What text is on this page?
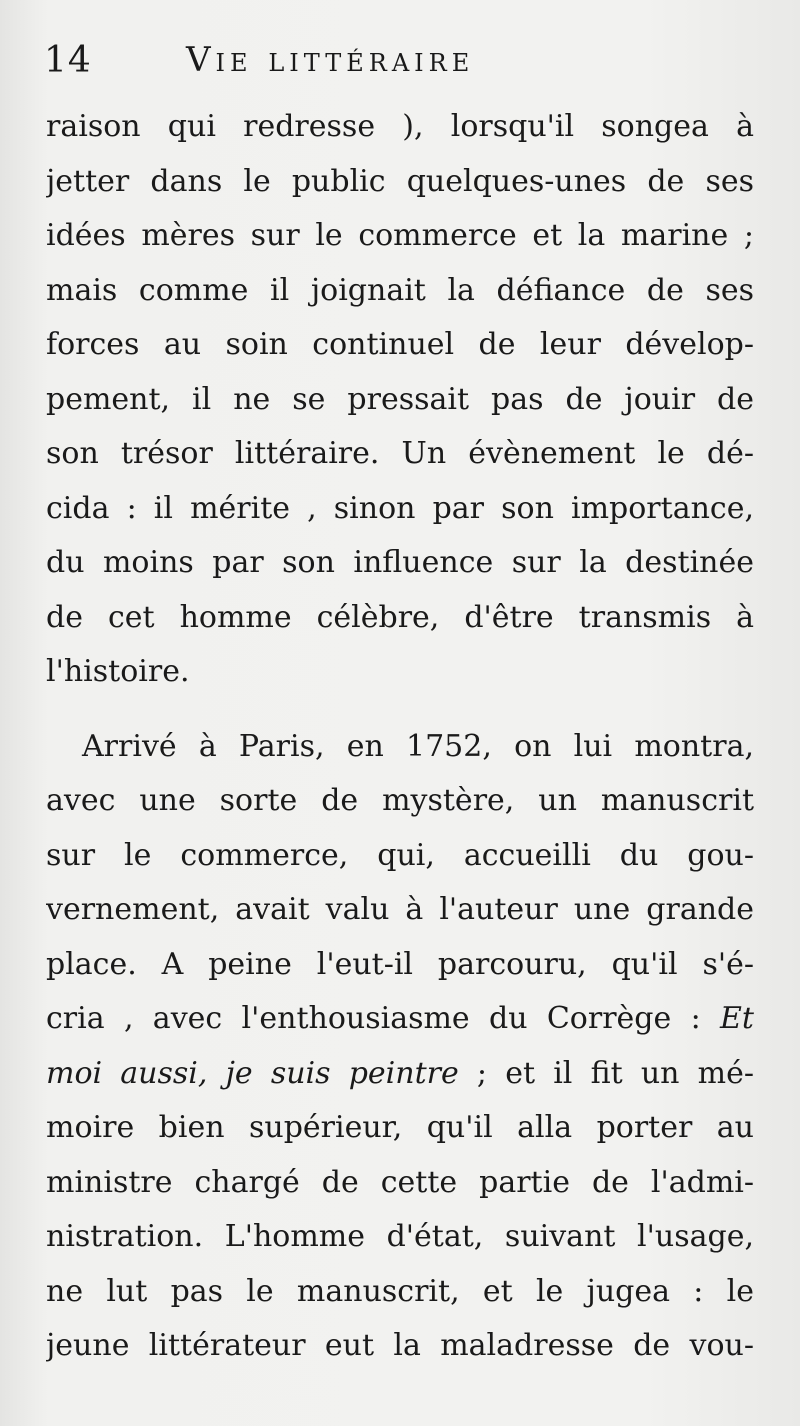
14	Vie littéraire
raison qui redresse ), lorsqu'il songea à
jetter dans le public quelques-unes de ses
idées mères sur le commerce et la marine ;
mais comme il joignait la défiance de ses
forces au soin continuel de leur dévelop-
pement, il ne se pressait pas de jouir de
son trésor littéraire. Un évènement le dé-
cida : il mérite , sinon par son importance,
du moins par son influence sur la destinée
de cet homme célèbre, d'être transmis à
l'histoire.
Arrivé à Paris, en 1752, on lui montra,
avec une sorte de mystère, un manuscrit
sur le commerce, qui, accueilli du gou-
vernement, avait valu à l'auteur une grande
place. A peine l'eut-il parcouru, qu'il s'é-
cria , avec l'enthousiasme du Corrège : Et
moi aussi, je suis peintre ; et il fit un mé-
moire bien supérieur, qu'il alla porter au
ministre chargé de cette partie de l'admi-
nistration. L'homme d'état, suivant l'usage,
ne lut pas le manuscrit, et le jugea : le
jeune littérateur eut la maladresse de vou-
